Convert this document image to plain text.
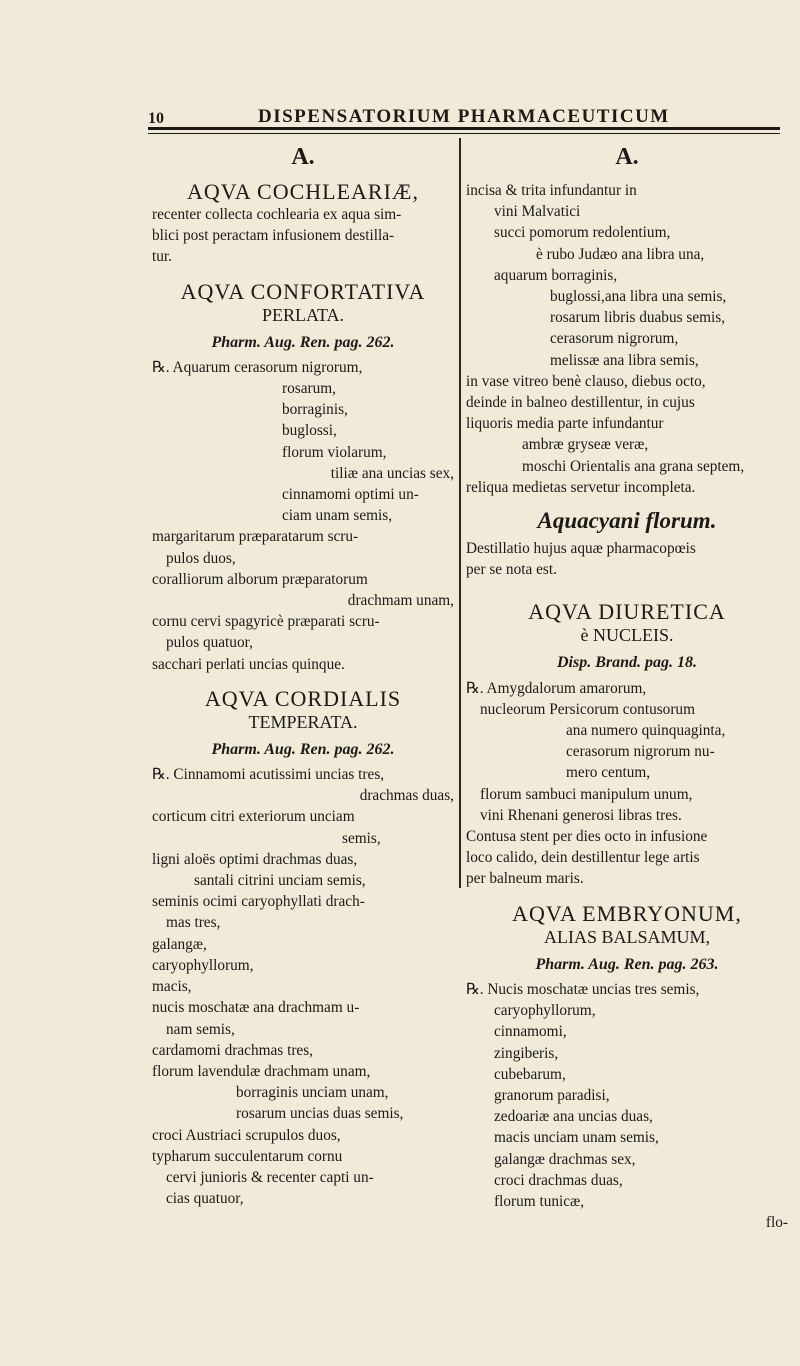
10	DISPENSATORIUM PHARMACEUTICUM
A.
AQVA COCHLEARIÆ,
recenter collecta cochlearia ex aqua sim-
blici post peractam infusionem destilla-
tur.
AQVA CONFORTATIVA
PERLATA.
Pharm. Aug. Ren. pag. 262.
℞. Aquarum cerasorum nigrorum,
rosarum,
borraginis,
buglossi,
florum violarum,
tiliæ ana uncias sex,
cinnamomi optimi un-
ciam unam semis,
margaritarum præparatarum scru-
pulos duos,
coralliorum alborum præparatorum
drachmam unam,
cornu cervi spagyricè præparati scru-
pulos quatuor,
sacchari perlati uncias quinque.
AQVA CORDIALIS
TEMPERATA.
Pharm. Aug. Ren. pag. 262.
℞. Cinnamomi acutissimi uncias tres,
drachmas duas,
corticum citri exteriorum unciam
semis,
ligni aloës optimi drachmas duas,
santali citrini unciam semis,
seminis ocimi caryophyllati drach-
mas tres,
galangæ,
caryophyllorum,
macis,
nucis moschatæ ana drachmam u-
nam semis,
cardamomi drachmas tres,
florum lavendulæ drachmam unam,
borraginis unciam unam,
rosarum uncias duas semis,
croci Austriaci scrupulos duos,
typharum succulentarum cornu
cervi junioris & recenter capti un-
cias quatuor,
A.
incisa & trita infundantur in
vini Malvatici
succi pomorum redolentium,
è rubo Judæo ana libra una,
aquarum borraginis,
buglossi,ana libra una semis,
rosarum libris duabus semis,
cerasorum nigrorum,
melissæ ana libra semis,
in vase vitreo benè clauso, diebus octo,
deinde in balneo destillentur, in cujus
liquoris media parte infundantur
ambræ gryseæ veræ,
moschi Orientalis ana grana septem,
reliqua medietas servetur incompleta.
Aquacyani florum.
Destillatio hujus aquæ pharmacopœis
per se nota est.
AQVA DIURETICA
è NUCLEIS.
Disp. Brand. pag. 18.
℞. Amygdalorum amarorum,
nucleorum Persicorum contusorum
ana numero quinquaginta,
cerasorum nigrorum nu-
mero centum,
florum sambuci manipulum unum,
vini Rhenani generosi libras tres.
Contusa stent per dies octo in infusione
loco calido, dein destillentur lege artis
per balneum maris.
AQVA EMBRYONUM,
ALIAS BALSAMUM,
Pharm. Aug. Ren. pag. 263.
℞. Nucis moschatæ uncias tres semis,
caryophyllorum,
cinnamomi,
zingiberis,
cubebarum,
granorum paradisi,
zedoariæ ana uncias duas,
macis unciam unam semis,
galangæ drachmas sex,
croci drachmas duas,
florum tunicæ,
flo-
